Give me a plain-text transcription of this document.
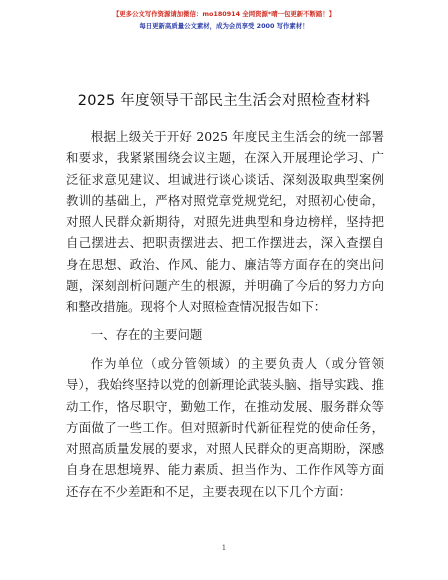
【更多公文写作资源请加微信：mo180914 全网资源*晴一包更新不断踏！】
每日更新高质量公文素材，成为会员享受 2000 写作素材！
2025 年度领导干部民主生活会对照检查材料

根据上级关于开好 2025 年度民主生活会的统一部署和要求，我紧紧围绕会议主题，在深入开展理论学习、广泛征求意见建议、坦诚进行谈心谈话、深刻汲取典型案例教训的基础上，严格对照党章党规党纪，对照初心使命，对照人民群众新期待，对照先进典型和身边榜样，坚持把自己摆进去、把职责摆进去、把工作摆进去，深入查摆自身在思想、政治、作风、能力、廉洁等方面存在的突出问题，深刻剖析问题产生的根源，并明确了今后的努力方向和整改措施。现将个人对照检查情况报告如下：

一、存在的主要问题

作为单位（或分管领域）的主要负责人（或分管领导），我始终坚持以党的创新理论武装头脑、指导实践、推动工作，恪尽职守，勤勉工作，在推动发展、服务群众等方面做了一些工作。但对照新时代新征程党的使命任务，对照高质量发展的要求，对照人民群众的更高期盼，深感自身在思想境界、能力素质、担当作为、工作作风等方面还存在不少差距和不足，主要表现在以下几个方面：

1
